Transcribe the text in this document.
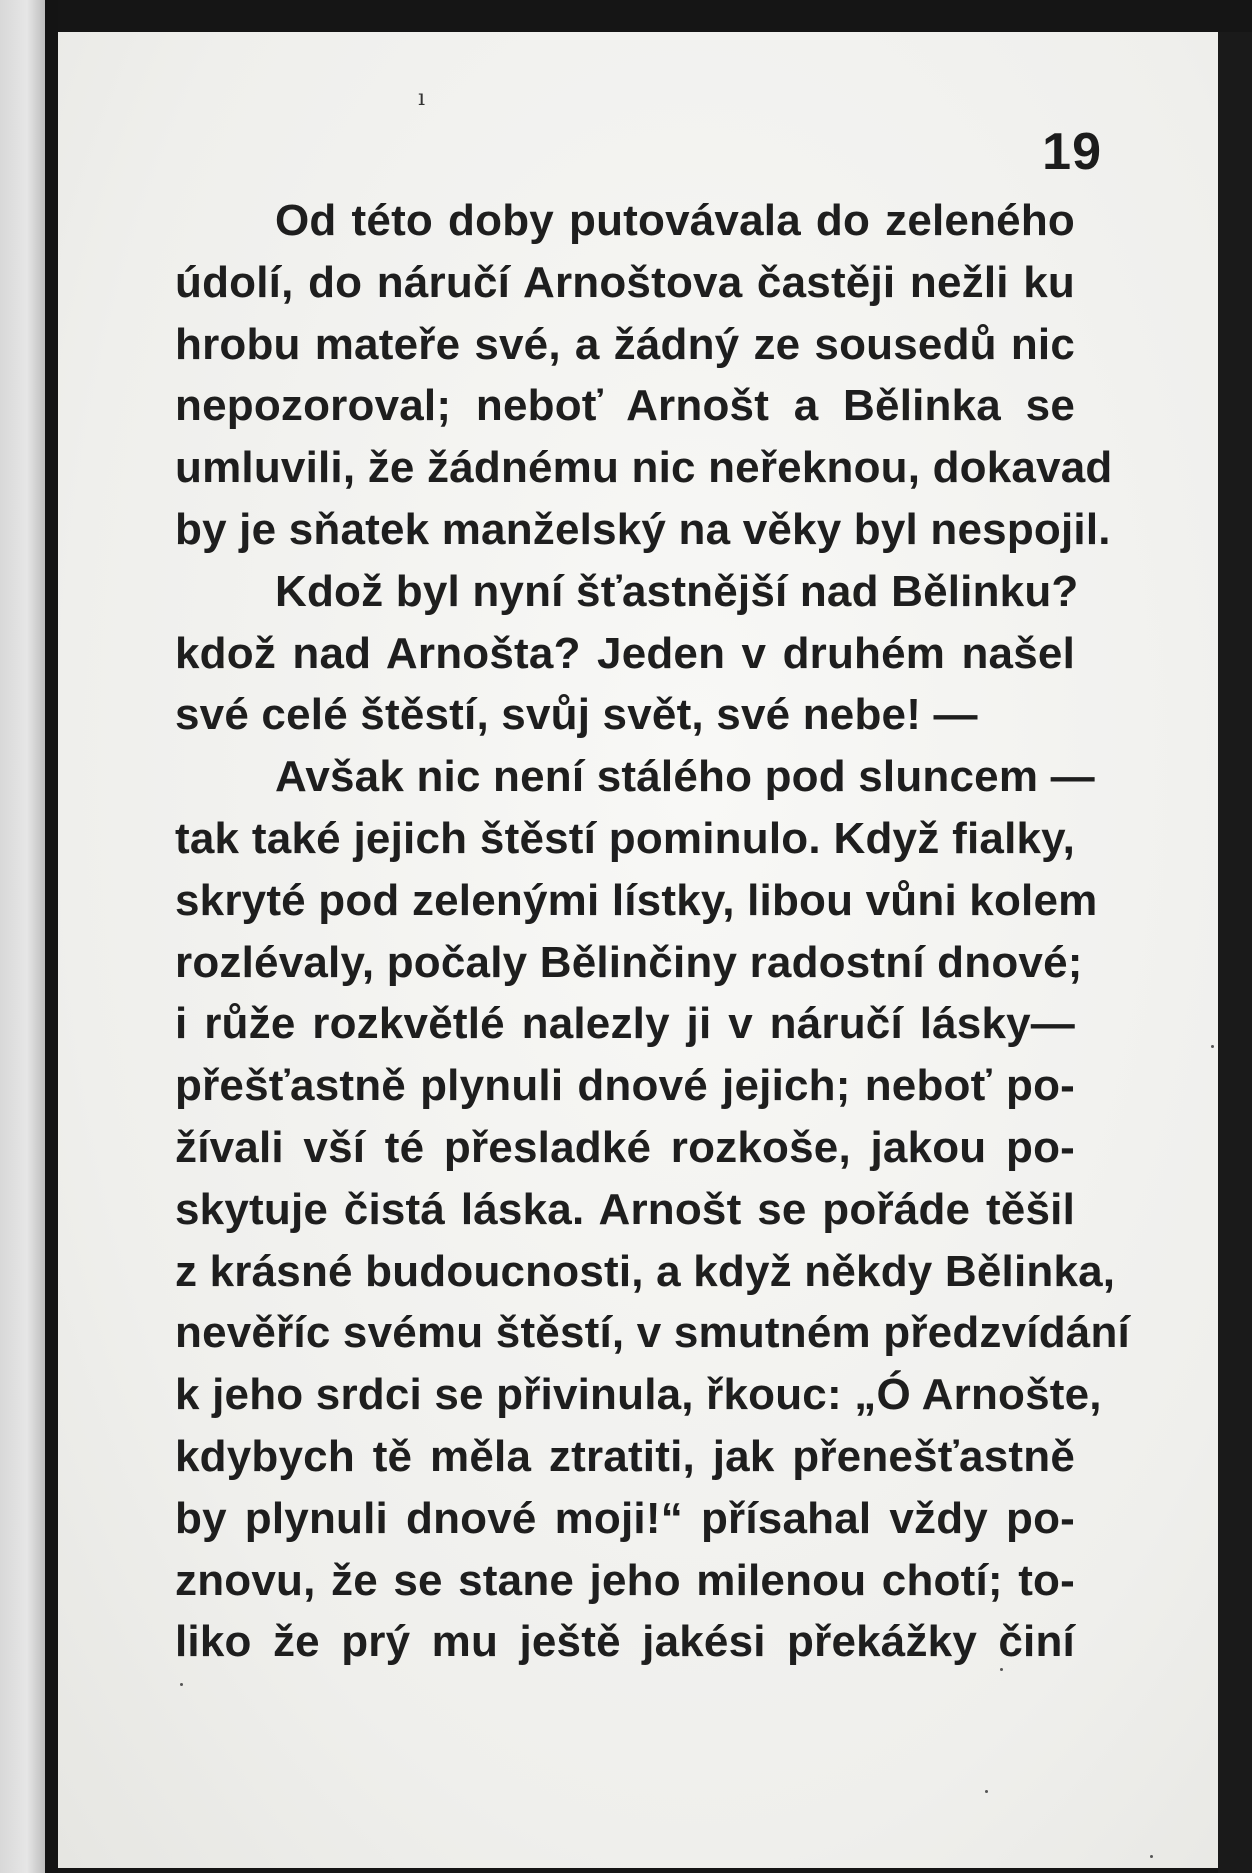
ı
19
Od této doby putovávala do zeleného
údolí, do náručí Arnoštova častěji nežli ku
hrobu mateře své, a žádný ze sousedů nic
nepozoroval; neboť Arnošt a Bělinka se
umluvili, že žádnému nic neřeknou, dokavad
by je sňatek manželský na věky byl nespojil.
Kdož byl nyní šťastnější nad Bělinku?
kdož nad Arnošta? Jeden v druhém našel
své celé štěstí, svůj svět, své nebe! —
Avšak nic není stálého pod sluncem —
tak také jejich štěstí pominulo. Když fialky,
skryté pod zelenými lístky, libou vůni kolem
rozlévaly, počaly Bělinčiny radostní dnové;
i růže rozkvětlé nalezly ji v náručí lásky—
přešťastně plynuli dnové jejich; neboť po-
žívali vší té přesladké rozkoše, jakou po-
skytuje čistá láska. Arnošt se pořáde těšil
z krásné budoucnosti, a když někdy Bělinka,
nevěříc svému štěstí, v smutném předzvídání
k jeho srdci se přivinula, řkouc: „Ó Arnošte,
kdybych tě měla ztratiti, jak přenešťastně
by plynuli dnové moji!“ přísahal vždy po-
znovu, že se stane jeho milenou chotí; to-
liko že prý mu ještě jakési překážky činí
